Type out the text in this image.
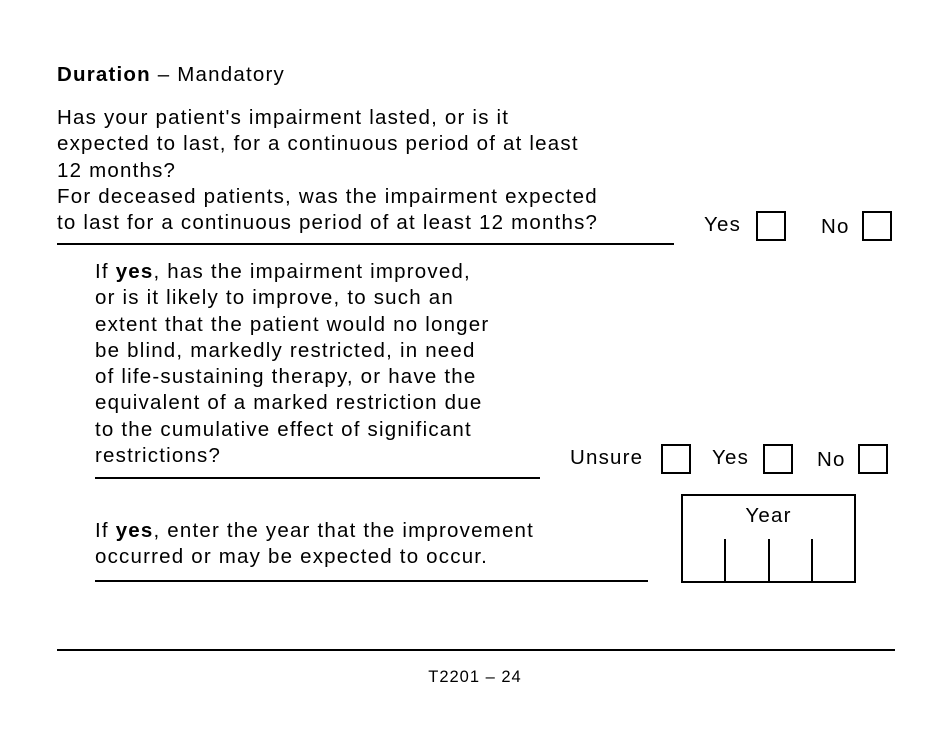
Duration – Mandatory
Has your patient's impairment lasted, or is it
expected to last, for a continuous period of at least
12 months?
For deceased patients, was the impairment expected
to last for a continuous period of at least 12 months?	Yes	No
If yes, has the impairment improved,
or is it likely to improve, to such an
extent that the patient would no longer
be blind, markedly restricted, in need
of life-sustaining therapy, or have the
equivalent of a marked restriction due
to the cumulative effect of significant
restrictions?	Unsure	Yes	No
If yes, enter the year that the improvement
occurred or may be expected to occur.
Year
T2201 – 24
